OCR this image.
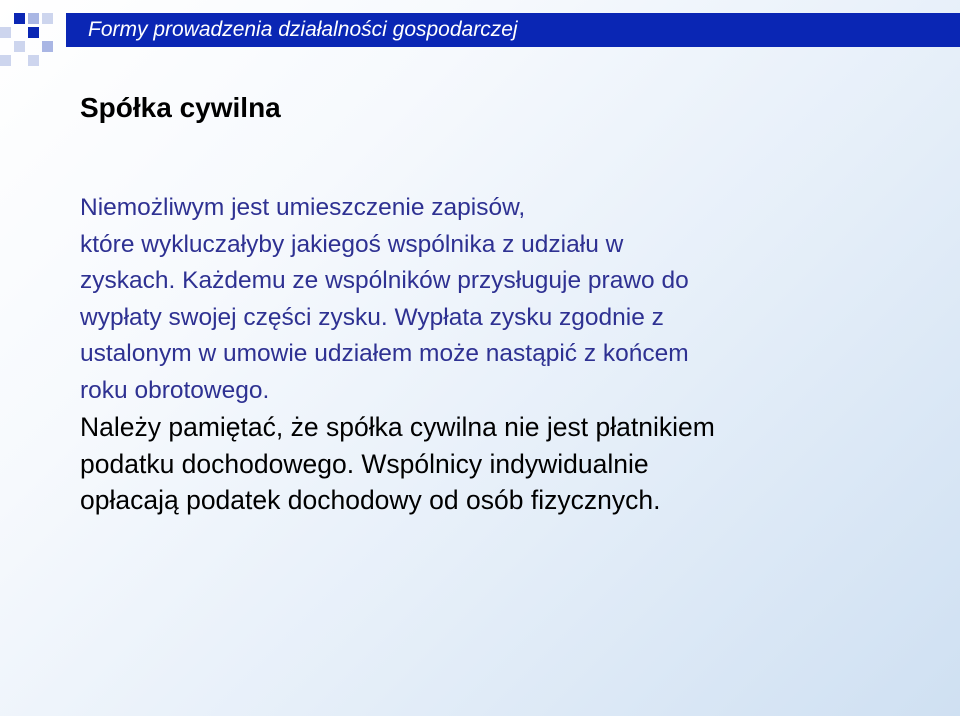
Formy prowadzenia działalności gospodarczej
Spółka cywilna
Niemożliwym jest umieszczenie zapisów,
które wykluczałyby jakiegoś wspólnika z udziału w
zyskach. Każdemu ze wspólników przysługuje prawo do
wypłaty swojej części zysku. Wypłata zysku zgodnie z
ustalonym w umowie udziałem może nastąpić z końcem
roku obrotowego.
Należy pamiętać, że spółka cywilna nie jest płatnikiem
podatku dochodowego. Wspólnicy indywidualnie
opłacają podatek dochodowy od osób fizycznych.
